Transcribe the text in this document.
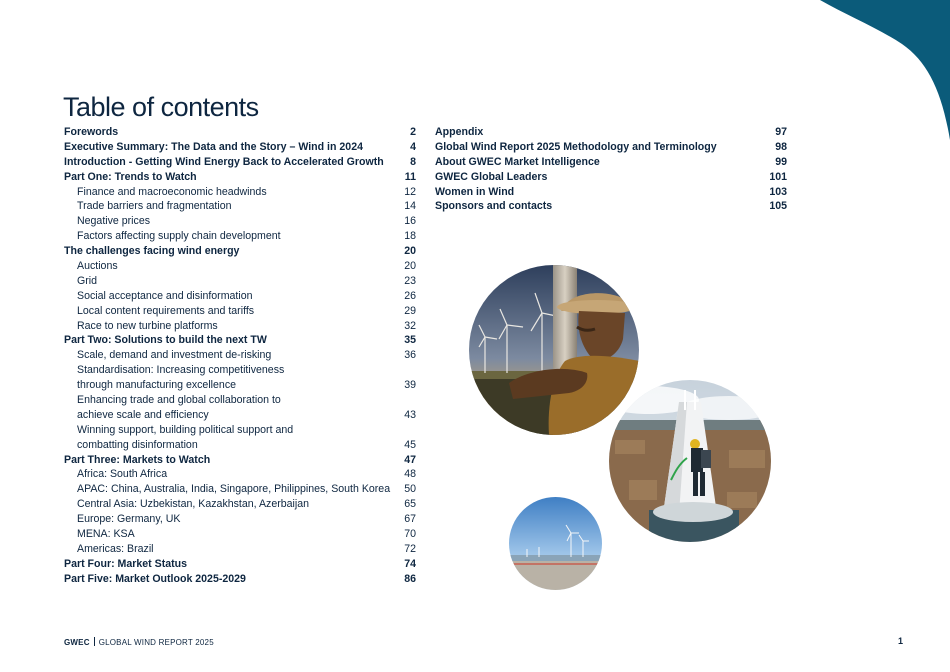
Table of contents
Forewords	2
Executive Summary: The Data and the Story – Wind in 2024	4
Introduction - Getting Wind Energy Back to Accelerated Growth 8
Part One: Trends to Watch	11
Finance and macroeconomic headwinds	12
Trade barriers and fragmentation	14
Negative prices	16
Factors affecting supply chain development	18
The challenges facing wind energy	20
Auctions	20
Grid	23
Social acceptance and disinformation	26
Local content requirements and tariffs	29
Race to new turbine platforms	32
Part Two: Solutions to build the next TW	35
Scale, demand and investment de-risking	36
Standardisation: Increasing competitiveness
through manufacturing excellence	39
Enhancing trade and global collaboration to
achieve scale and efficiency	43
Winning support, building political support and
combatting disinformation	45
Part Three: Markets to Watch	47
Africa: South Africa	48
APAC: China, Australia, India, Singapore, Philippines, South Korea 50
Central Asia: Uzbekistan, Kazakhstan, Azerbaijan	65
Europe: Germany, UK	67
MENA: KSA	70
Americas: Brazil	72
Part Four: Market Status	74
Part Five: Market Outlook 2025-2029	86
Appendix	97
Global Wind Report 2025 Methodology and Terminology	98
About GWEC Market Intelligence	99
GWEC Global Leaders	101
Women in Wind	103
Sponsors and contacts	105
GWEC GLOBAL WIND REPORT 2025	1
